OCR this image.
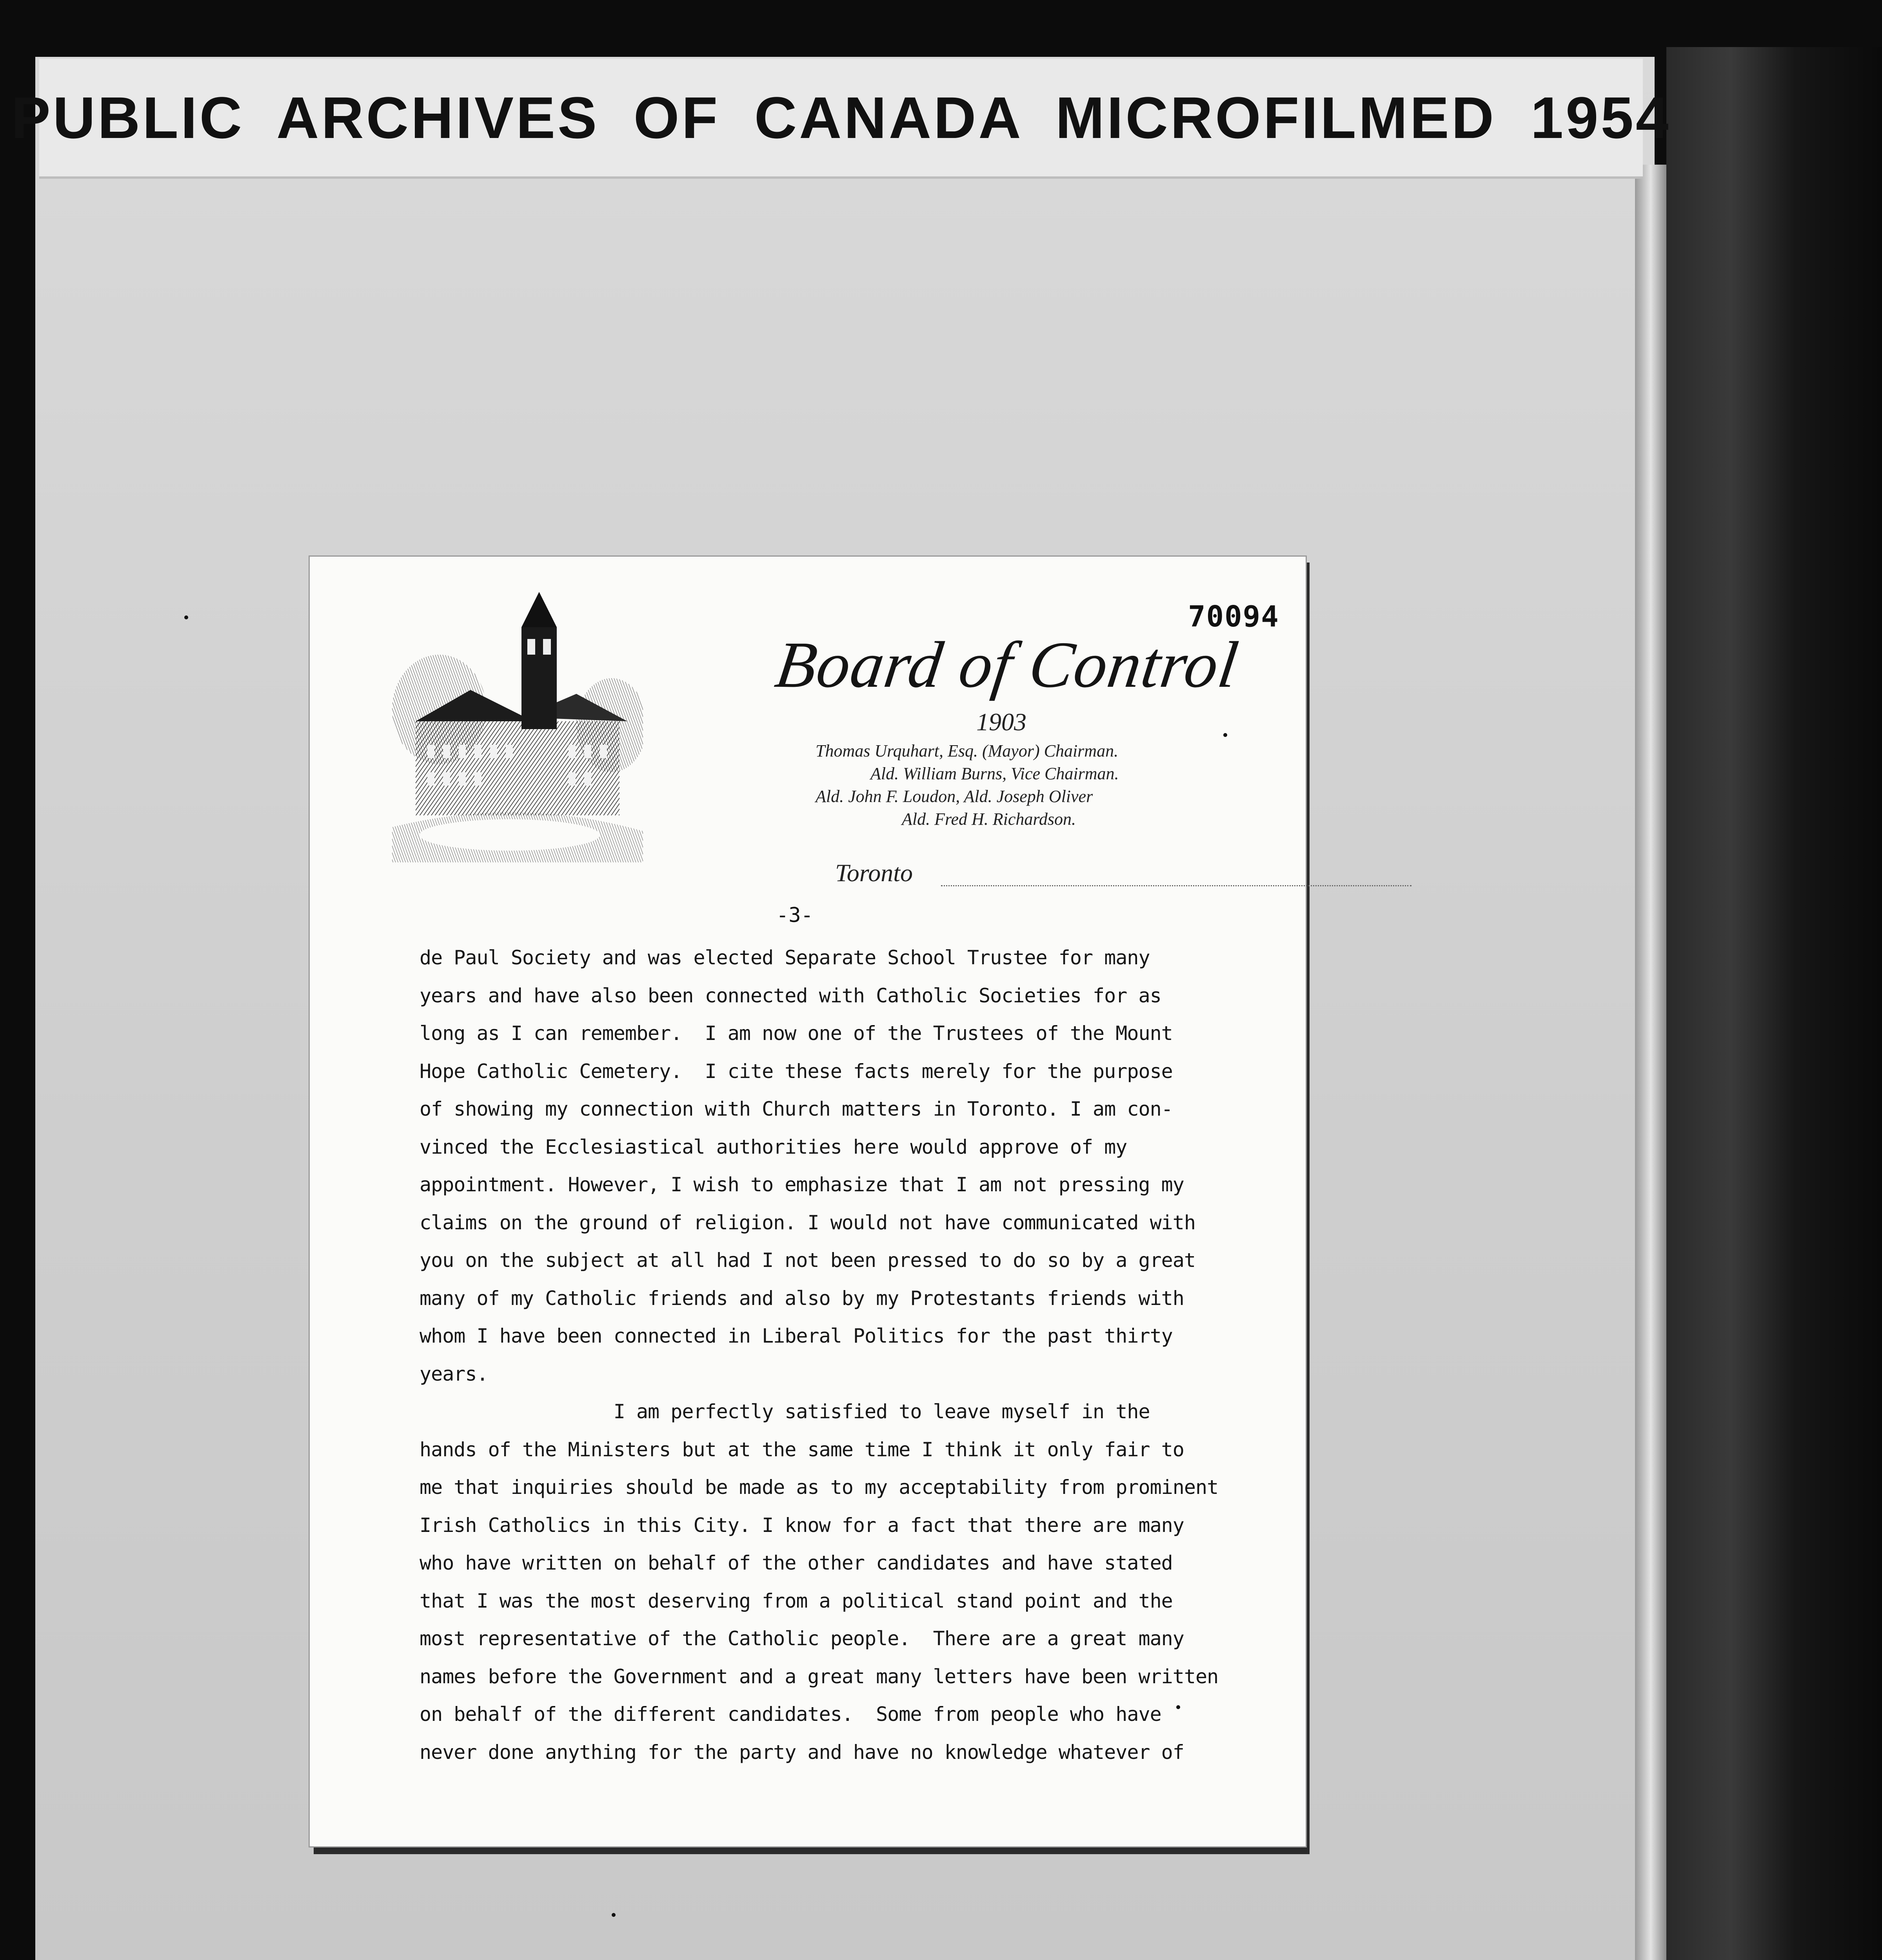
PUBLIC ARCHIVES OF CANADA MICROFILMED 1954
70094
Board of Control
1903
Thomas Urquhart, Esq. (Mayor) Chairman.
Ald. William Burns, Vice Chairman.
Ald. John F. Loudon, Ald. Joseph Oliver
Ald. Fred H. Richardson.
Toronto
-3-
de Paul Society and was elected Separate School Trustee for many
years and have also been connected with Catholic Societies for as
long as I can remember.  I am now one of the Trustees of the Mount
Hope Catholic Cemetery.  I cite these facts merely for the purpose
of showing my connection with Church matters in Toronto. I am con-
vinced the Ecclesiastical authorities here would approve of my
appointment. However, I wish to emphasize that I am not pressing my
claims on the ground of religion. I would not have communicated with
you on the subject at all had I not been pressed to do so by a great
many of my Catholic friends and also by my Protestants friends with
whom I have been connected in Liberal Politics for the past thirty
years.
I am perfectly satisfied to leave myself in the
hands of the Ministers but at the same time I think it only fair to
me that inquiries should be made as to my acceptability from prominent
Irish Catholics in this City. I know for a fact that there are many
who have written on behalf of the other candidates and have stated
that I was the most deserving from a political stand point and the
most representative of the Catholic people.  There are a great many
names before the Government and a great many letters have been written
on behalf of the different candidates.  Some from people who have
never done anything for the party and have no knowledge whatever of
